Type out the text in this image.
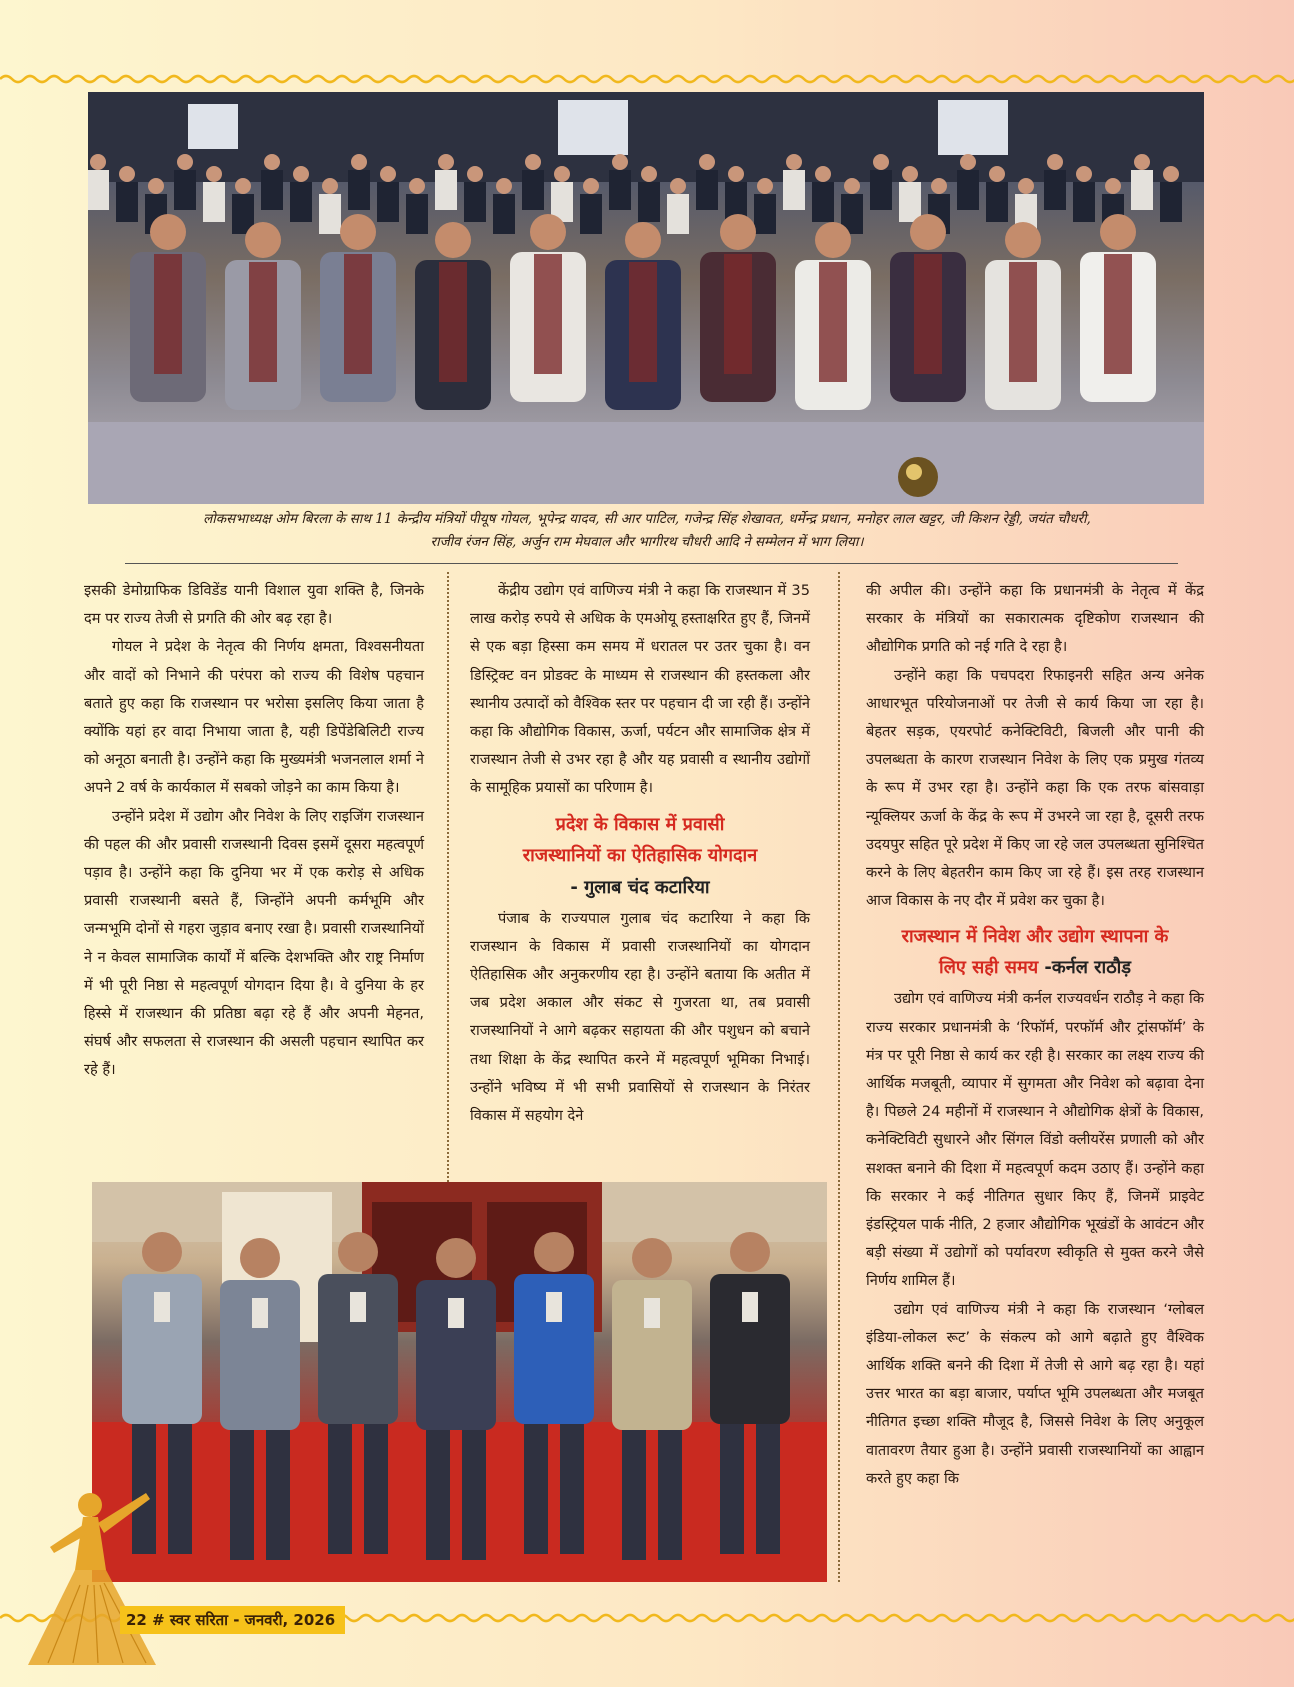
लोकसभाध्यक्ष ओम बिरला के साथ 11 केन्द्रीय मंत्रियों पीयूष गोयल, भूपेन्द्र यादव, सी आर पाटिल, गजेन्द्र सिंह शेखावत, धर्मेन्द्र प्रधान, मनोहर लाल खट्टर, जी किशन रेड्डी, जयंत चौधरी,
राजीव रंजन सिंह, अर्जुन राम मेघवाल और भागीरथ चौधरी आदि ने सम्मेलन में भाग लिया।

इसकी डेमोग्राफिक डिविडेंड यानी विशाल युवा शक्ति है, जिनके दम पर राज्य तेजी से प्रगति की ओर बढ़ रहा है।

गोयल ने प्रदेश के नेतृत्व की निर्णय क्षमता, विश्वसनीयता और वादों को निभाने की परंपरा को राज्य की विशेष पहचान बताते हुए कहा कि राजस्थान पर भरोसा इसलिए किया जाता है क्योंकि यहां हर वादा निभाया जाता है, यही डिपेंडेबिलिटी राज्य को अनूठा बनाती है। उन्होंने कहा कि मुख्यमंत्री भजनलाल शर्मा ने अपने 2 वर्ष के कार्यकाल में सबको जोड़ने का काम किया है।

उन्होंने प्रदेश में उद्योग और निवेश के लिए राइजिंग राजस्थान की पहल की और प्रवासी राजस्थानी दिवस इसमें दूसरा महत्वपूर्ण पड़ाव है। उन्होंने कहा कि दुनिया भर में एक करोड़ से अधिक प्रवासी राजस्थानी बसते हैं, जिन्होंने अपनी कर्मभूमि और जन्मभूमि दोनों से गहरा जुड़ाव बनाए रखा है। प्रवासी राजस्थानियों ने न केवल सामाजिक कार्यों में बल्कि देशभक्ति और राष्ट्र निर्माण में भी पूरी निष्ठा से महत्वपूर्ण योगदान दिया है। वे दुनिया के हर हिस्से में राजस्थान की प्रतिष्ठा बढ़ा रहे हैं और अपनी मेहनत, संघर्ष और सफलता से राजस्थान की असली पहचान स्थापित कर रहे हैं।

केंद्रीय उद्योग एवं वाणिज्य मंत्री ने कहा कि राजस्थान में 35 लाख करोड़ रुपये से अधिक के एमओयू हस्ताक्षरित हुए हैं, जिनमें से एक बड़ा हिस्सा कम समय में धरातल पर उतर चुका है। वन डिस्ट्रिक्ट वन प्रोडक्ट के माध्यम से राजस्थान की हस्तकला और स्थानीय उत्पादों को वैश्विक स्तर पर पहचान दी जा रही हैं। उन्होंने कहा कि औद्योगिक विकास, ऊर्जा, पर्यटन और सामाजिक क्षेत्र में राजस्थान तेजी से उभर रहा है और यह प्रवासी व स्थानीय उद्योगों के सामूहिक प्रयासों का परिणाम है।

प्रदेश के विकास में प्रवासी
राजस्थानियों का ऐतिहासिक योगदान
- गुलाब चंद कटारिया

पंजाब के राज्यपाल गुलाब चंद कटारिया ने कहा कि राजस्थान के विकास में प्रवासी राजस्थानियों का योगदान ऐतिहासिक और अनुकरणीय रहा है। उन्होंने बताया कि अतीत में जब प्रदेश अकाल और संकट से गुजरता था, तब प्रवासी राजस्थानियों ने आगे बढ़कर सहायता की और पशुधन को बचाने तथा शिक्षा के केंद्र स्थापित करने में महत्वपूर्ण भूमिका निभाई। उन्होंने भविष्य में भी सभी प्रवासियों से राजस्थान के निरंतर विकास में सहयोग देने

की अपील की। उन्होंने कहा कि प्रधानमंत्री के नेतृत्व में केंद्र सरकार के मंत्रियों का सकारात्मक दृष्टिकोण राजस्थान की औद्योगिक प्रगति को नई गति दे रहा है।

उन्होंने कहा कि पचपदरा रिफाइनरी सहित अन्य अनेक आधारभूत परियोजनाओं पर तेजी से कार्य किया जा रहा है। बेहतर सड़क, एयरपोर्ट कनेक्टिविटी, बिजली और पानी की उपलब्धता के कारण राजस्थान निवेश के लिए एक प्रमुख गंतव्य के रूप में उभर रहा है। उन्होंने कहा कि एक तरफ बांसवाड़ा न्यूक्लियर ऊर्जा के केंद्र के रूप में उभरने जा रहा है, दूसरी तरफ उदयपुर सहित पूरे प्रदेश में किए जा रहे जल उपलब्धता सुनिश्चित करने के लिए बेहतरीन काम किए जा रहे हैं। इस तरह राजस्थान आज विकास के नए दौर में प्रवेश कर चुका है।

राजस्थान में निवेश और उद्योग स्थापना के
लिए सही समय -कर्नल राठौड़

उद्योग एवं वाणिज्य मंत्री कर्नल राज्यवर्धन राठौड़ ने कहा कि राज्य सरकार प्रधानमंत्री के ‘रिफॉर्म, परफॉर्म और ट्रांसफॉर्म’ के मंत्र पर पूरी निष्ठा से कार्य कर रही है। सरकार का लक्ष्य राज्य की आर्थिक मजबूती, व्यापार में सुगमता और निवेश को बढ़ावा देना है। पिछले 24 महीनों में राजस्थान ने औद्योगिक क्षेत्रों के विकास, कनेक्टिविटी सुधारने और सिंगल विंडो क्लीयरेंस प्रणाली को और सशक्त बनाने की दिशा में महत्वपूर्ण कदम उठाए हैं। उन्होंने कहा कि सरकार ने कई नीतिगत सुधार किए हैं, जिनमें प्राइवेट इंडस्ट्रियल पार्क नीति, 2 हजार औद्योगिक भूखंडों के आवंटन और बड़ी संख्या में उद्योगों को पर्यावरण स्वीकृति से मुक्त करने जैसे निर्णय शामिल हैं।

उद्योग एवं वाणिज्य मंत्री ने कहा कि राजस्थान ‘ग्लोबल इंडिया-लोकल रूट’ के संकल्प को आगे बढ़ाते हुए वैश्विक आर्थिक शक्ति बनने की दिशा में तेजी से आगे बढ़ रहा है। यहां उत्तर भारत का बड़ा बाजार, पर्याप्त भूमि उपलब्धता और मजबूत नीतिगत इच्छा शक्ति मौजूद है, जिससे निवेश के लिए अनुकूल वातावरण तैयार हुआ है। उन्होंने प्रवासी राजस्थानियों का आह्वान करते हुए कहा कि

22 # स्वर सरिता - जनवरी, 2026
